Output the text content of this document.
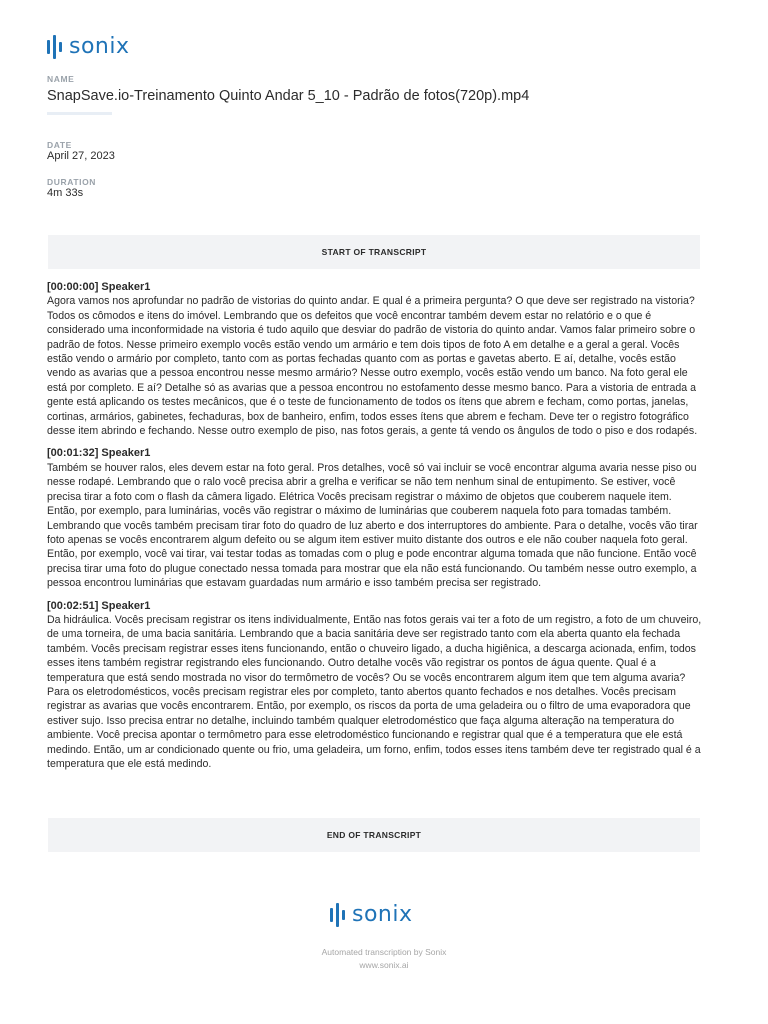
sonix
NAME
SnapSave.io-Treinamento Quinto Andar 5_10 - Padrão de fotos(720p).mp4
DATE
April 27, 2023
DURATION
4m 33s
START OF TRANSCRIPT
[00:00:00] Speaker1

Agora vamos nos aprofundar no padrão de vistorias do quinto andar. E qual é a primeira pergunta? O que deve ser registrado na vistoria? Todos os cômodos e itens do imóvel. Lembrando que os defeitos que você encontrar também devem estar no relatório e o que é considerado uma inconformidade na vistoria é tudo aquilo que desviar do padrão de vistoria do quinto andar. Vamos falar primeiro sobre o padrão de fotos. Nesse primeiro exemplo vocês estão vendo um armário e tem dois tipos de foto A em detalhe e a geral a geral. Vocês estão vendo o armário por completo, tanto com as portas fechadas quanto com as portas e gavetas aberto. E aí, detalhe, vocês estão vendo as avarias que a pessoa encontrou nesse mesmo armário? Nesse outro exemplo, vocês estão vendo um banco. Na foto geral ele está por completo. E aí? Detalhe só as avarias que a pessoa encontrou no estofamento desse mesmo banco. Para a vistoria de entrada a gente está aplicando os testes mecânicos, que é o teste de funcionamento de todos os ítens que abrem e fecham, como portas, janelas, cortinas, armários, gabinetes, fechaduras, box de banheiro, enfim, todos esses ítens que abrem e fecham. Deve ter o registro fotográfico desse item abrindo e fechando. Nesse outro exemplo de piso, nas fotos gerais, a gente tá vendo os ângulos de todo o piso e dos rodapés.

[00:01:32] Speaker1

Também se houver ralos, eles devem estar na foto geral. Pros detalhes, você só vai incluir se você encontrar alguma avaria nesse piso ou nesse rodapé. Lembrando que o ralo você precisa abrir a grelha e verificar se não tem nenhum sinal de entupimento. Se estiver, você precisa tirar a foto com o flash da câmera ligado. Elétrica Vocês precisam registrar o máximo de objetos que couberem naquele item. Então, por exemplo, para luminárias, vocês vão registrar o máximo de luminárias que couberem naquela foto para tomadas também. Lembrando que vocês também precisam tirar foto do quadro de luz aberto e dos interruptores do ambiente. Para o detalhe, vocês vão tirar foto apenas se vocês encontrarem algum defeito ou se algum item estiver muito distante dos outros e ele não couber naquela foto geral. Então, por exemplo, você vai tirar, vai testar todas as tomadas com o plug e pode encontrar alguma tomada que não funcione. Então você precisa tirar uma foto do plugue conectado nessa tomada para mostrar que ela não está funcionando. Ou também nesse outro exemplo, a pessoa encontrou luminárias que estavam guardadas num armário e isso também precisa ser registrado.

[00:02:51] Speaker1

Da hidráulica. Vocês precisam registrar os itens individualmente, Então nas fotos gerais vai ter a foto de um registro, a foto de um chuveiro, de uma torneira, de uma bacia sanitária. Lembrando que a bacia sanitária deve ser registrado tanto com ela aberta quanto ela fechada também. Vocês precisam registrar esses itens funcionando, então o chuveiro ligado, a ducha higiênica, a descarga acionada, enfim, todos esses itens também registrar registrando eles funcionando. Outro detalhe vocês vão registrar os pontos de água quente. Qual é a temperatura que está sendo mostrada no visor do termômetro de vocês? Ou se vocês encontrarem algum item que tem alguma avaria? Para os eletrodomésticos, vocês precisam registrar eles por completo, tanto abertos quanto fechados e nos detalhes. Vocês precisam registrar as avarias que vocês encontrarem. Então, por exemplo, os riscos da porta de uma geladeira ou o filtro de uma evaporadora que estiver sujo. Isso precisa entrar no detalhe, incluindo também qualquer eletrodoméstico que faça alguma alteração na temperatura do ambiente. Você precisa apontar o termômetro para esse eletrodoméstico funcionando e registrar qual que é a temperatura que ele está medindo. Então, um ar condicionado quente ou frio, uma geladeira, um forno, enfim, todos esses itens também deve ter registrado qual é a temperatura que ele está medindo.

END OF TRANSCRIPT
sonix
Automated transcription by Sonix
www.sonix.ai
